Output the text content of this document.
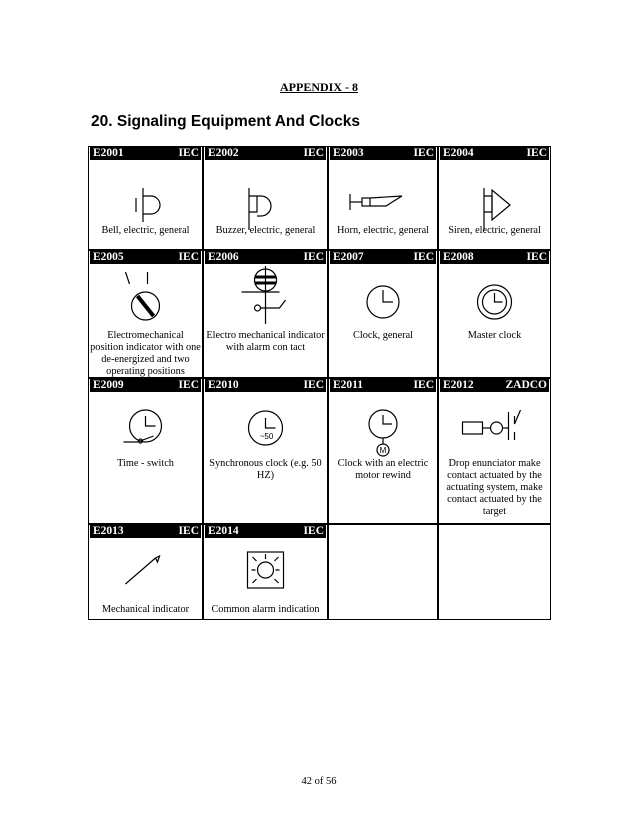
APPENDIX - 8
20. Signaling Equipment And Clocks
E2001	IEC
Bell, electric, general
E2002	IEC
Buzzer, electric, general
E2003	IEC
Horn, electric, general
E2004	IEC
Siren, electric, general
E2005	IEC
Electromechanical position indicator with one de-energized and two operating positions
E2006	IEC
Electro mechanical indicator with alarm con tact
E2007	IEC
Clock, general
E2008	IEC
Master clock
E2009	IEC
Time - switch
E2010	IEC
~50
Synchronous clock (e.g. 50 HZ)
E2011	IEC
M
Clock with an electric motor rewind
E2012	ZADCO
Drop enunciator make contact actuated by the actuating system, make contact actuated by the target
E2013	IEC
Mechanical indicator
E2014	IEC
Common alarm indication
42 of 56
